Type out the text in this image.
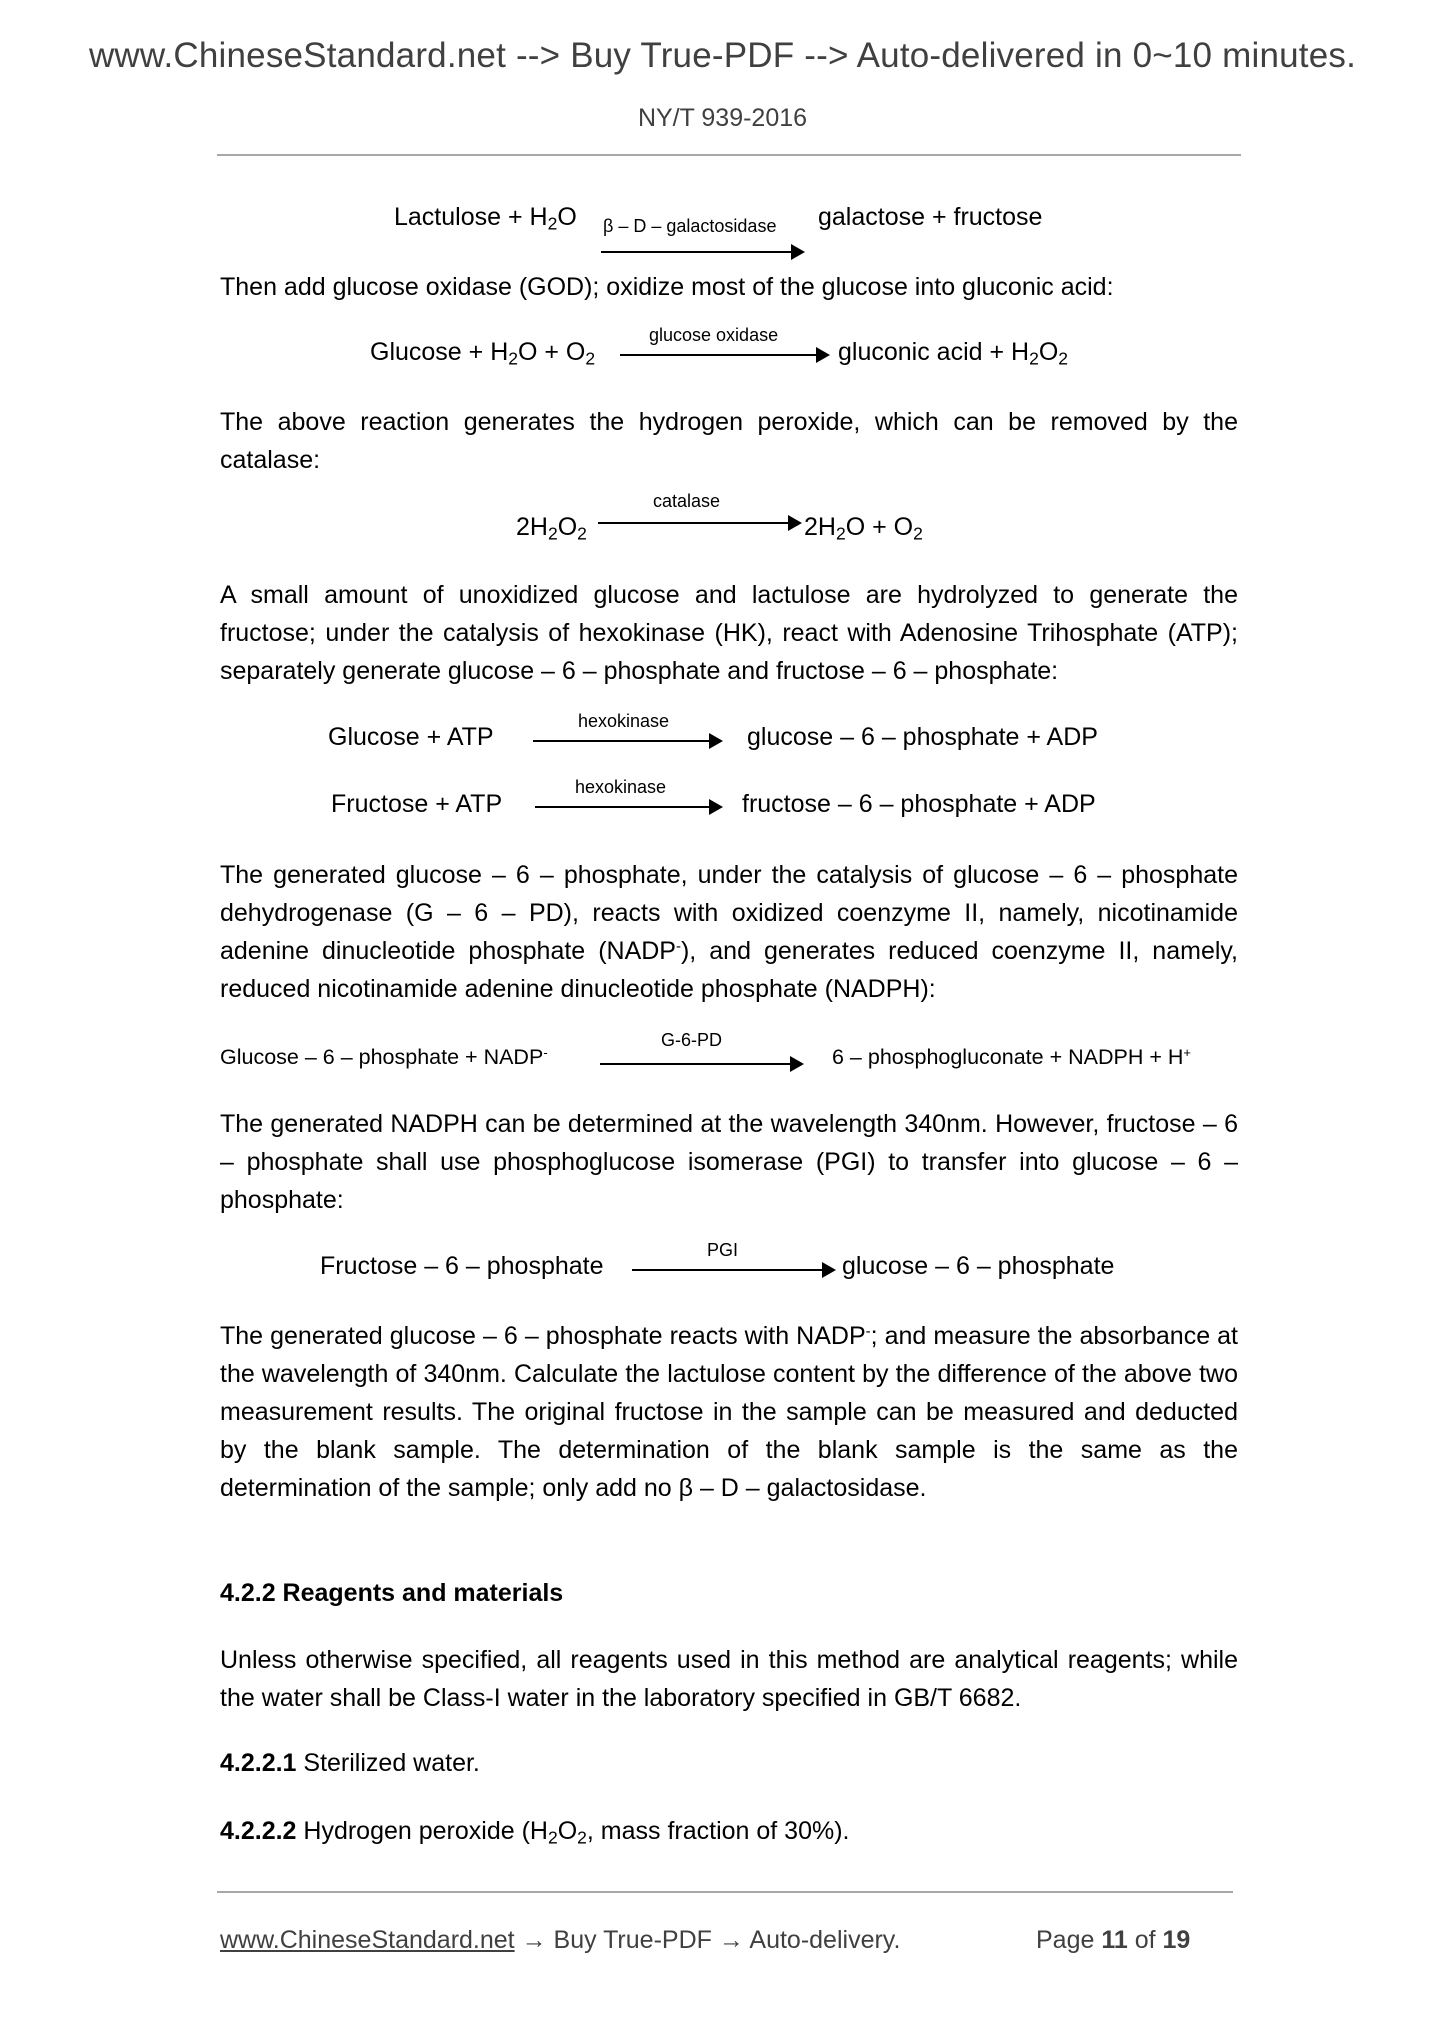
www.ChineseStandard.net --> Buy True-PDF --> Auto-delivered in 0~10 minutes.
NY/T 939-2016
Lactulose + $H_2O$ β – D – galactosidase galactose + fructose

Then add glucose oxidase (GOD); oxidize most of the glucose into gluconic acid:

$Glucose + H_2O + O_2$
glucose oxidase
gluconic acid + $H_2O_2$

The above reaction generates the hydrogen peroxide, which can be removed by the catalase:

$2H_2O_2$
catalase
$2H_2O + O_2$

A small amount of unoxidized glucose and lactulose are hydrolyzed to generate the fructose; under the catalysis of hexokinase (HK), react with Adenosine Trihosphate (ATP); separately generate glucose – 6 – phosphate and fructose – 6 – phosphate:

Glucose + ATP
hexokinase
glucose – 6 – phosphate + ADP
Fructose + ATP
hexokinase
fructose – 6 – phosphate + ADP

The generated glucose – 6 – phosphate, under the catalysis of glucose – 6 – phosphate dehydrogenase (G – 6 – PD), reacts with oxidized coenzyme II, namely, nicotinamide adenine dinucleotide phosphate (NADP-), and generates reduced coenzyme II, namely, reduced nicotinamide adenine dinucleotide phosphate (NADPH):

Glucose – 6 – phosphate + NADP-
G-6-PD
6 – phosphogluconate + NADPH + H+

The generated NADPH can be determined at the wavelength 340nm. However, fructose – 6 – phosphate shall use phosphoglucose isomerase (PGI) to transfer into glucose – 6 – phosphate:

Fructose – 6 – phosphate
PGI
glucose – 6 – phosphate

The generated glucose – 6 – phosphate reacts with NADP-; and measure the absorbance at the wavelength of 340nm. Calculate the lactulose content by the difference of the above two measurement results. The original fructose in the sample can be measured and deducted by the blank sample. The determination of the blank sample is the same as the determination of the sample; only add no β – D – galactosidase.

4.2.2 Reagents and materials

Unless otherwise specified, all reagents used in this method are analytical reagents; while the water shall be Class-I water in the laboratory specified in GB/T 6682.

4.2.2.1 Sterilized water.
4.2.2.2 Hydrogen peroxide ($H_2O_2$, mass fraction of 30%).
www.ChineseStandard.net → Buy True-PDF → Auto-delivery.	Page 11 of 19
